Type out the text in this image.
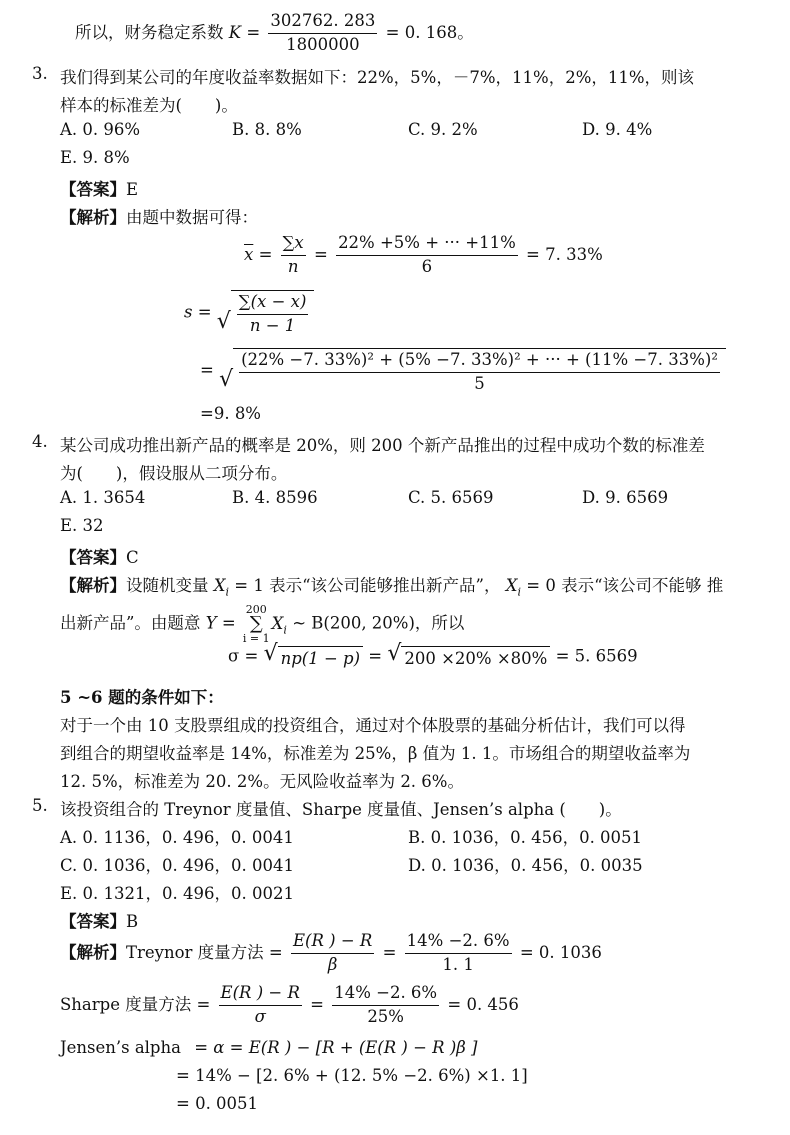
所以，财务稳定系数 $K = \frac{302762. 283}{1800000} = 0$. 168。
3. 我们得到某公司的年度收益率数据如下：22%，5%，－7%，11%，2%，11%，则该
样本的标准差为(　　)。
A. 0. 96%	B. 8. 8%	C. 9. 2%	D. 9. 4%
E. 9. 8%
【答案】E
【解析】由题中数据可得：
$\overline{x} = \frac{\sum x}{n} = \frac{22\% +5\% + \cdot\cdot\cdot +11\%}{6} = 7$. 33%
s = √ $\frac{\sum(x - x)}{n - 1}$
= √ $\frac{\text{(22\% −7. 33\%)² + (5\% −7. 33\%)² + ··· + (11\% −7. 33\%)²}}{5}$
=9. 8%
4. 某公司成功推出新产品的概率是 20%，则 200 个新产品推出的过程中成功个数的标准差
为(　　)，假设服从二项分布。
A. 1. 3654	B. 4. 8596	C. 5. 6569	D. 9. 6569
E. 32
【答案】C
【解析】设随机变量 $X_i = 1$ 表示“该公司能够推出新产品”， $X_i = 0$ 表示“该公司不能够 推
出新产品”。由题意 Y =
200
∑
i = 1
$X_i$ ~ B(200, 20%)，所以
σ = √ np(1 − p) = √ 200 ×20% ×80% = 5. 6569
5 ~6 题的条件如下：
对于一个由 10 支股票组成的投资组合，通过对个体股票的基础分析估计，我们可以得
到组合的期望收益率是 14%，标准差为 25%，β 值为 1. 1。市场组合的期望收益率为
12. 5%，标准差为 20. 2%。无风险收益率为 2. 6%。
5. 该投资组合的 Treynor 度量值、Sharpe 度量值、Jensen’s alpha (　　)。
A. 0. 1136，0. 496，0. 0041	B. 0. 1036，0. 456，0. 0051
C. 0. 1036，0. 496，0. 0041	D. 0. 1036，0. 456，0. 0035
E. 0. 1321，0. 496，0. 0021
【答案】B
【解析】Treynor 度量方法 = $\frac{E(R ) - R}{\beta} = \frac{14\% -2. 6\%}{1. 1} = 0$. 1036
Sharpe 度量方法 = $\frac{E(R ) - R}{\sigma} = \frac{14\% -2. 6\%}{25\%} = 0$. 456
Jensen’s alpha = α = E(R ) − [R + (E(R ) − R )β ]
= 14% − [2. 6% + (12. 5% −2. 6%) ×1. 1]
= 0. 0051
